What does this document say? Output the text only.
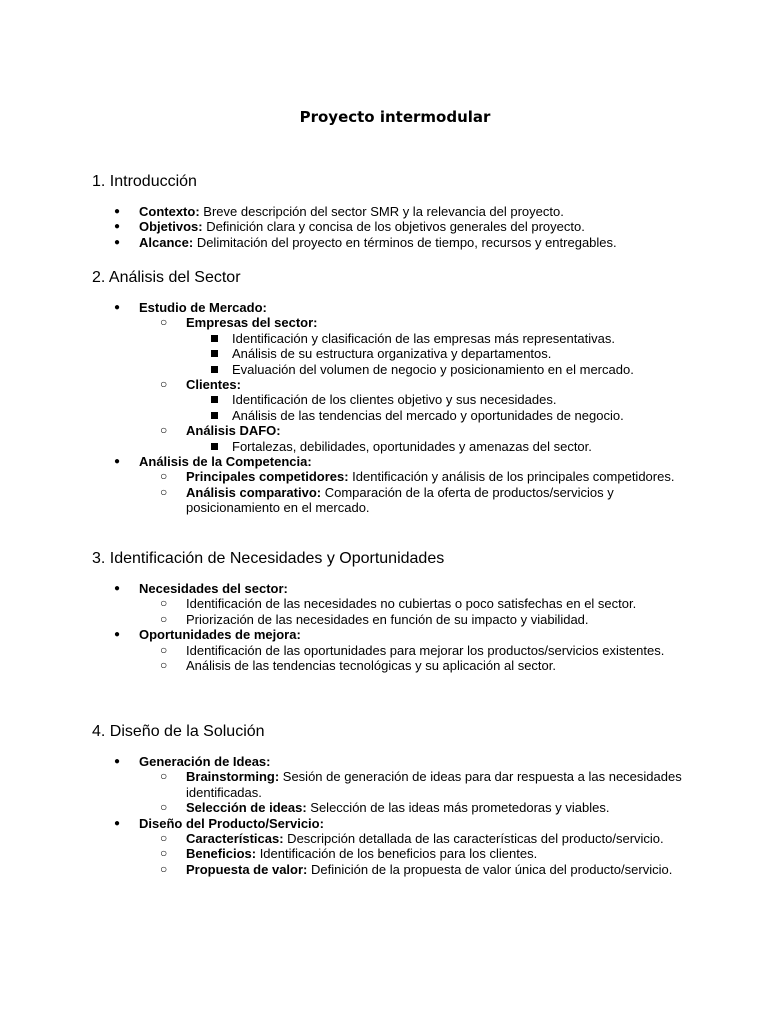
Proyecto intermodular
1. Introducción
● Contexto: Breve descripción del sector SMR y la relevancia del proyecto.
● Objetivos: Definición clara y concisa de los objetivos generales del proyecto.
● Alcance: Delimitación del proyecto en términos de tiempo, recursos y entregables.
2. Análisis del Sector
● Estudio de Mercado:
○ Empresas del sector:
Identificación y clasificación de las empresas más representativas.
Análisis de su estructura organizativa y departamentos.
Evaluación del volumen de negocio y posicionamiento en el mercado.
○ Clientes:
Identificación de los clientes objetivo y sus necesidades.
Análisis de las tendencias del mercado y oportunidades de negocio.
○ Análisis DAFO:
Fortalezas, debilidades, oportunidades y amenazas del sector.
● Análisis de la Competencia:
○ Principales competidores: Identificación y análisis de los principales competidores.
○ Análisis comparativo: Comparación de la oferta de productos/servicios y posicionamiento en el mercado.
3. Identificación de Necesidades y Oportunidades
● Necesidades del sector:
○ Identificación de las necesidades no cubiertas o poco satisfechas en el sector.
○ Priorización de las necesidades en función de su impacto y viabilidad.
● Oportunidades de mejora:
○ Identificación de las oportunidades para mejorar los productos/servicios existentes.
○ Análisis de las tendencias tecnológicas y su aplicación al sector.
4. Diseño de la Solución
● Generación de Ideas:
○ Brainstorming: Sesión de generación de ideas para dar respuesta a las necesidades identificadas.
○ Selección de ideas: Selección de las ideas más prometedoras y viables.
● Diseño del Producto/Servicio:
○ Características: Descripción detallada de las características del producto/servicio.
○ Beneficios: Identificación de los beneficios para los clientes.
○ Propuesta de valor: Definición de la propuesta de valor única del producto/servicio.
